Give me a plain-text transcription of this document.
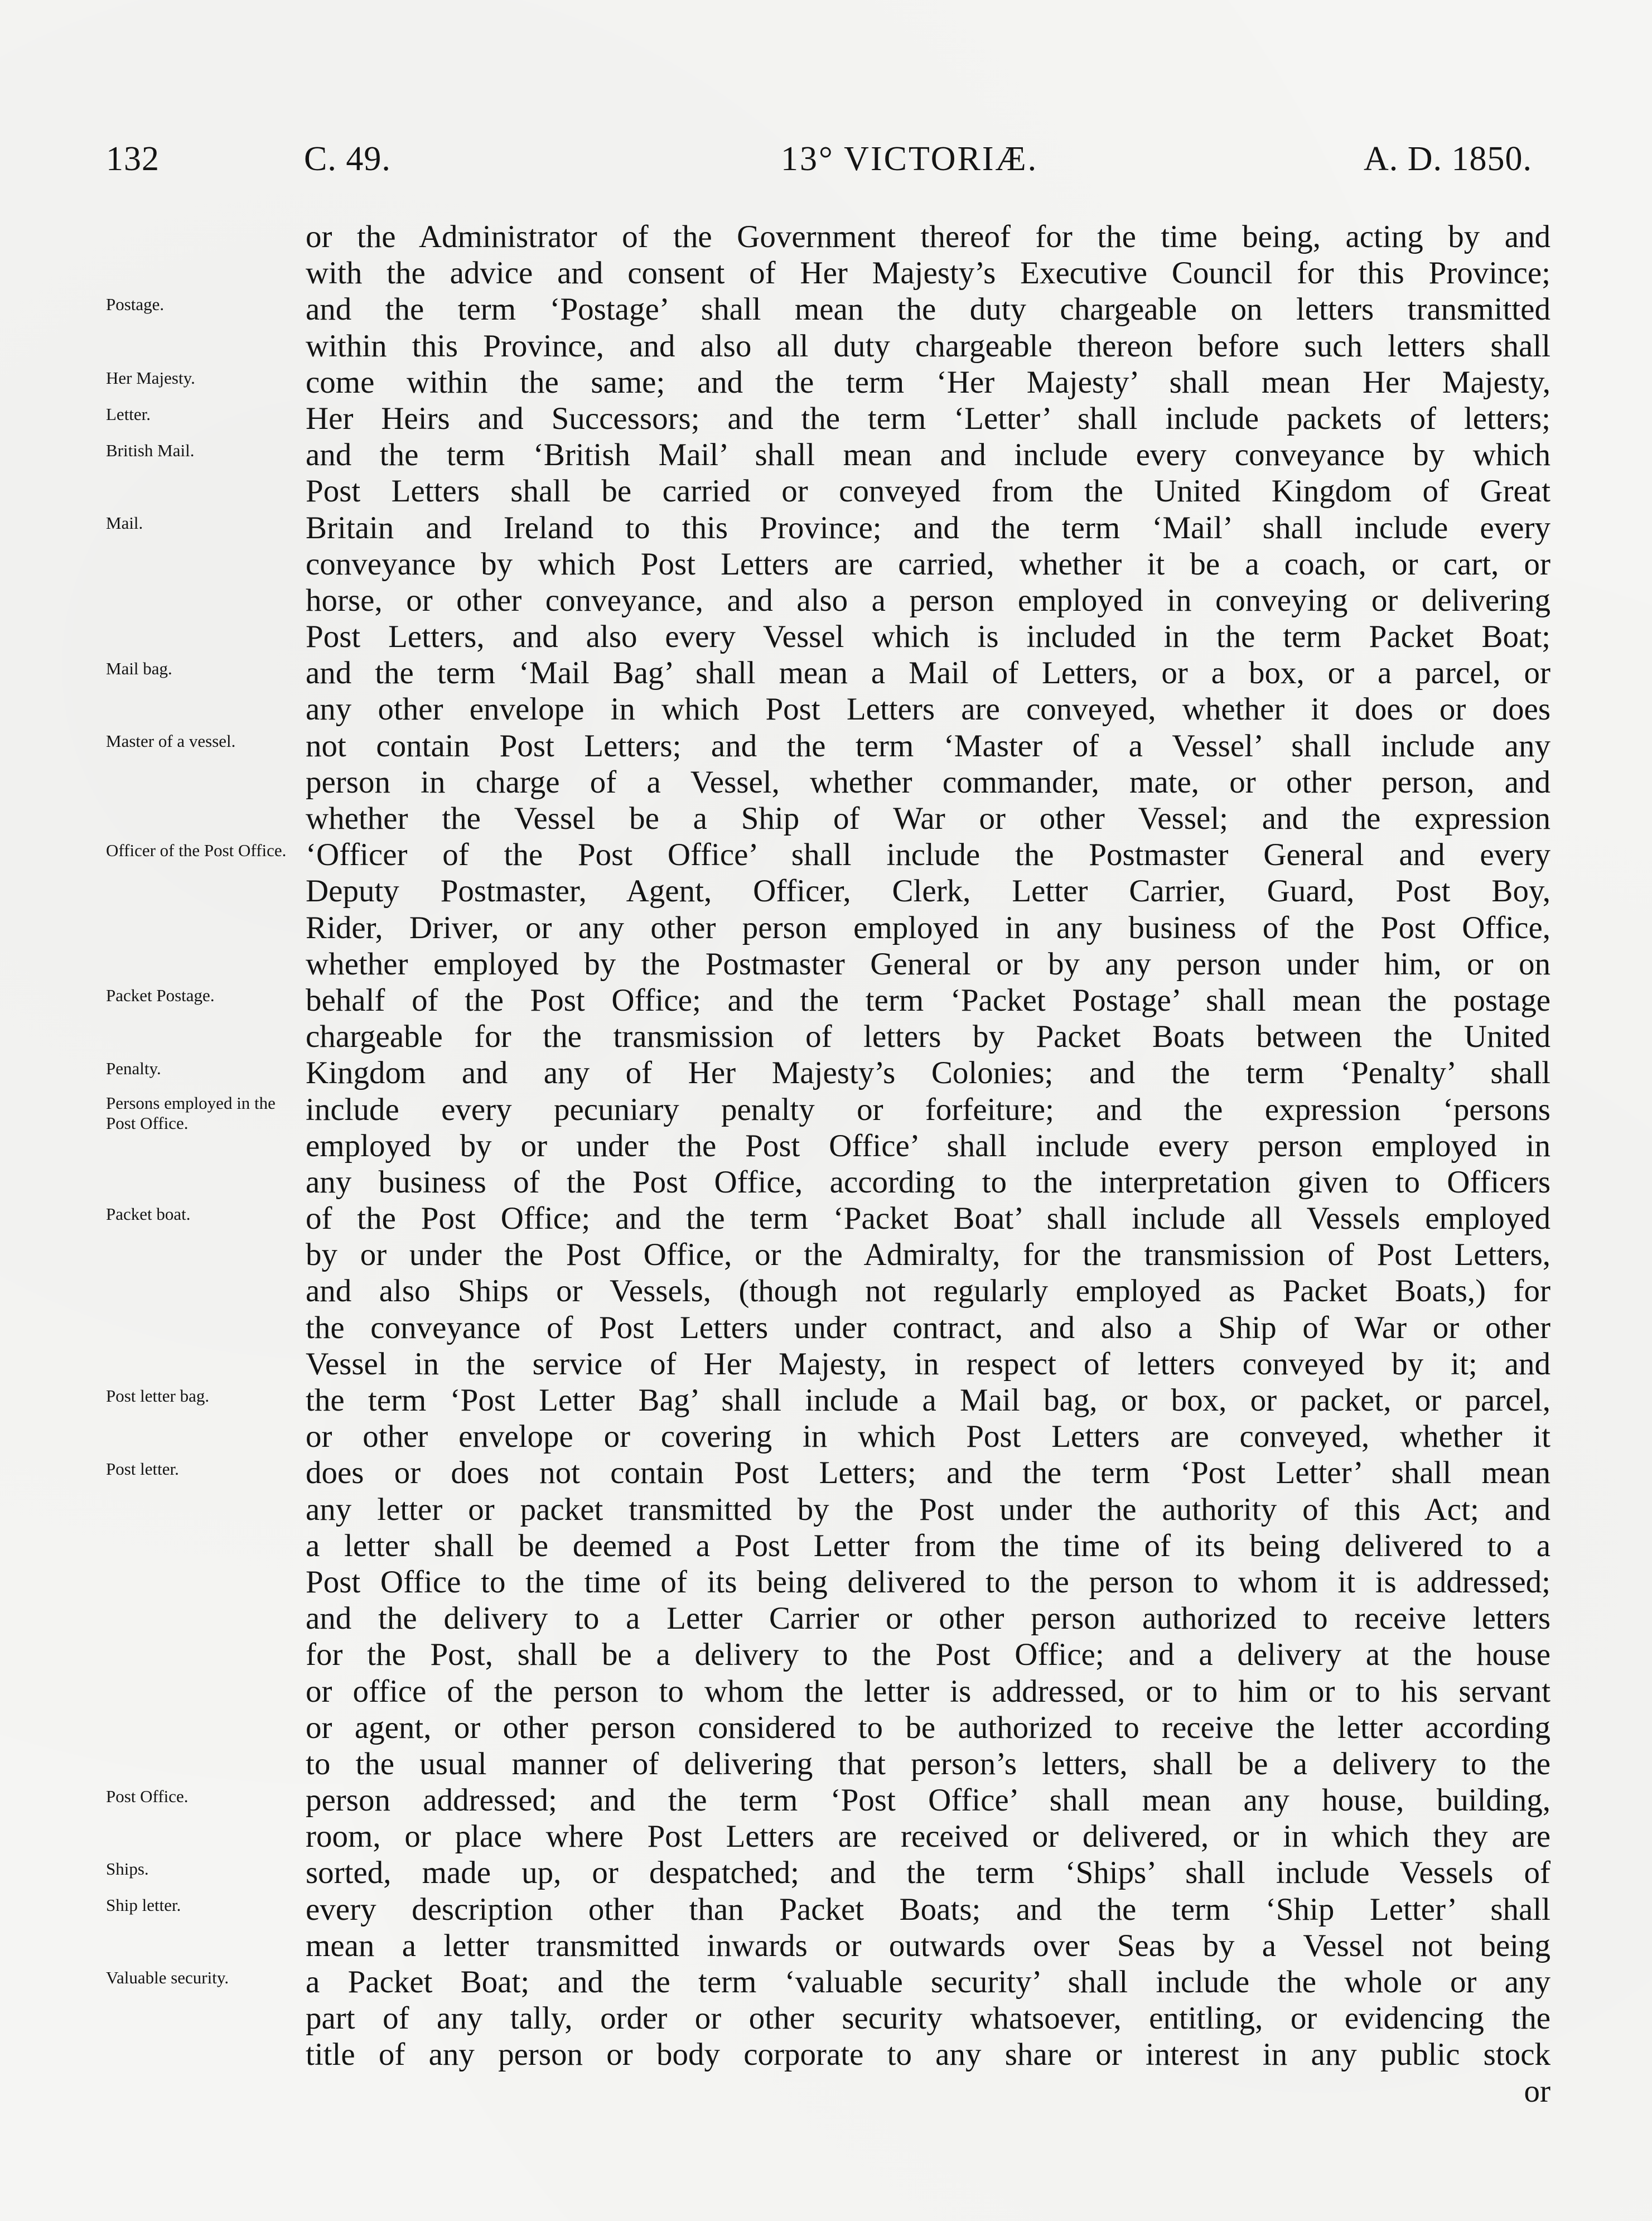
132	C. 49.	13° VICTORIÆ.	A. D. 1850.
Postage.
Her Majesty.
Letter.
British Mail.
Mail.
Mail bag.
Master of a vessel.
Officer of the Post Office.
Packet Postage.
Penalty.
Persons employed in the Post Office.
Packet boat.
Post letter bag.
Post letter.
Post Office.
Ships.
Ship letter.
Valuable security.
or the Administrator of the Government thereof for the time being, acting by and
with the advice and consent of Her Majesty’s Executive Council for this Province;
and the term ‘Postage’ shall mean the duty chargeable on letters transmitted
within this Province, and also all duty chargeable thereon before such letters shall
come within the same; and the term ‘Her Majesty’ shall mean Her Majesty,
Her Heirs and Successors; and the term ‘Letter’ shall include packets of letters;
and the term ‘British Mail’ shall mean and include every conveyance by which
Post Letters shall be carried or conveyed from the United Kingdom of Great
Britain and Ireland to this Province; and the term ‘Mail’ shall include every
conveyance by which Post Letters are carried, whether it be a coach, or cart, or
horse, or other conveyance, and also a person employed in conveying or delivering
Post Letters, and also every Vessel which is included in the term Packet Boat;
and the term ‘Mail Bag’ shall mean a Mail of Letters, or a box, or a parcel, or
any other envelope in which Post Letters are conveyed, whether it does or does
not contain Post Letters; and the term ‘Master of a Vessel’ shall include any
person in charge of a Vessel, whether commander, mate, or other person, and
whether the Vessel be a Ship of War or other Vessel; and the expression
‘Officer of the Post Office’ shall include the Postmaster General and every
Deputy Postmaster, Agent, Officer, Clerk, Letter Carrier, Guard, Post Boy,
Rider, Driver, or any other person employed in any business of the Post Office,
whether employed by the Postmaster General or by any person under him, or on
behalf of the Post Office; and the term ‘Packet Postage’ shall mean the postage
chargeable for the transmission of letters by Packet Boats between the United
Kingdom and any of Her Majesty’s Colonies; and the term ‘Penalty’ shall
include every pecuniary penalty or forfeiture; and the expression ‘persons
employed by or under the Post Office’ shall include every person employed in
any business of the Post Office, according to the interpretation given to Officers
of the Post Office; and the term ‘Packet Boat’ shall include all Vessels employed
by or under the Post Office, or the Admiralty, for the transmission of Post Letters,
and also Ships or Vessels, (though not regularly employed as Packet Boats,) for
the conveyance of Post Letters under contract, and also a Ship of War or other
Vessel in the service of Her Majesty, in respect of letters conveyed by it; and
the term ‘Post Letter Bag’ shall include a Mail bag, or box, or packet, or parcel,
or other envelope or covering in which Post Letters are conveyed, whether it
does or does not contain Post Letters; and the term ‘Post Letter’ shall mean
any letter or packet transmitted by the Post under the authority of this Act; and
a letter shall be deemed a Post Letter from the time of its being delivered to a
Post Office to the time of its being delivered to the person to whom it is addressed;
and the delivery to a Letter Carrier or other person authorized to receive letters
for the Post, shall be a delivery to the Post Office; and a delivery at the house
or office of the person to whom the letter is addressed, or to him or to his servant
or agent, or other person considered to be authorized to receive the letter according
to the usual manner of delivering that person’s letters, shall be a delivery to the
person addressed; and the term ‘Post Office’ shall mean any house, building,
room, or place where Post Letters are received or delivered, or in which they are
sorted, made up, or despatched; and the term ‘Ships’ shall include Vessels of
every description other than Packet Boats; and the term ‘Ship Letter’ shall
mean a letter transmitted inwards or outwards over Seas by a Vessel not being
a Packet Boat; and the term ‘valuable security’ shall include the whole or any
part of any tally, order or other security whatsoever, entitling, or evidencing the
title of any person or body corporate to any share or interest in any public stock
or
